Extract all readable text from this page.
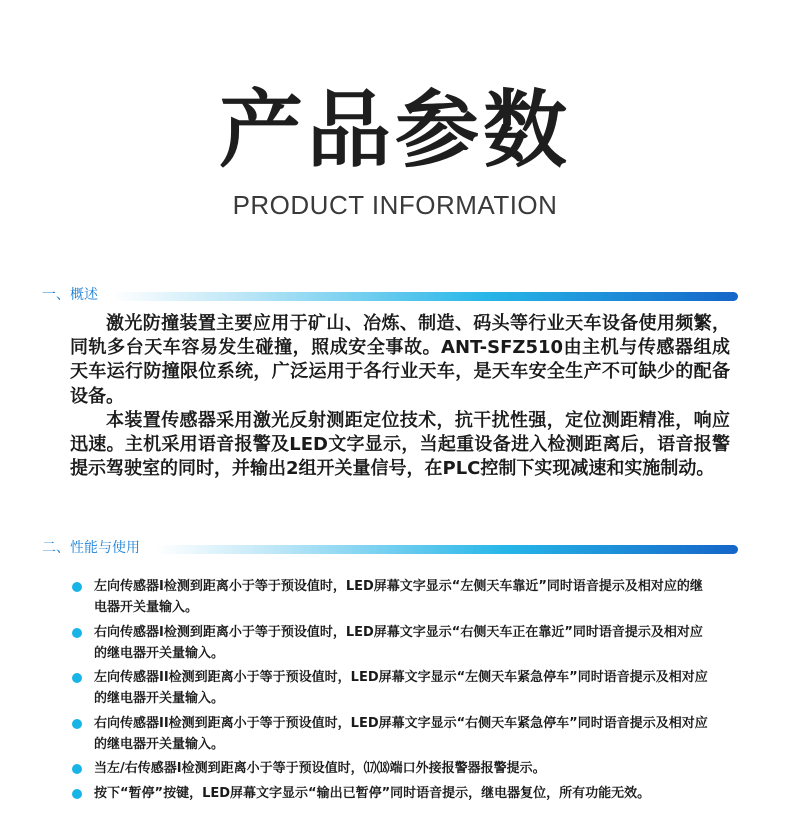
产品参数
PRODUCT INFORMATION
一、概述

激光防撞装置主要应用于矿山、冶炼、制造、码头等行业天车设备使用频繁，同轨多台天车容易发生碰撞，照成安全事故。ANT-SFZ510由主机与传感器组成天车运行防撞限位系统，广泛运用于各行业天车，是天车安全生产不可缺少的配备设备。

本装置传感器采用激光反射测距定位技术，抗干扰性强，定位测距精准，响应迅速。主机采用语音报警及LED文字显示，当起重设备进入检测距离后，语音报警提示驾驶室的同时，并输出2组开关量信号，在PLC控制下实现减速和实施制动。

二、性能与使用
左向传感器I检测到距离小于等于预设值时，LED屏幕文字显示“左侧天车靠近”同时语音提示及相对应的继电器开关量输入。
右向传感器I检测到距离小于等于预设值时，LED屏幕文字显示“右侧天车正在靠近”同时语音提示及相对应的继电器开关量输入。
左向传感器II检测到距离小于等于预设值时，LED屏幕文字显示“左侧天车紧急停车”同时语音提示及相对应的继电器开关量输入。
右向传感器II检测到距离小于等于预设值时，LED屏幕文字显示“右侧天车紧急停车”同时语音提示及相对应的继电器开关量输入。
当左/右传感器I检测到距离小于等于预设值时，⒄⒅端口外接报警器报警提示。
按下“暂停”按键，LED屏幕文字显示“输出已暂停”同时语音提示，继电器复位，所有功能无效。
